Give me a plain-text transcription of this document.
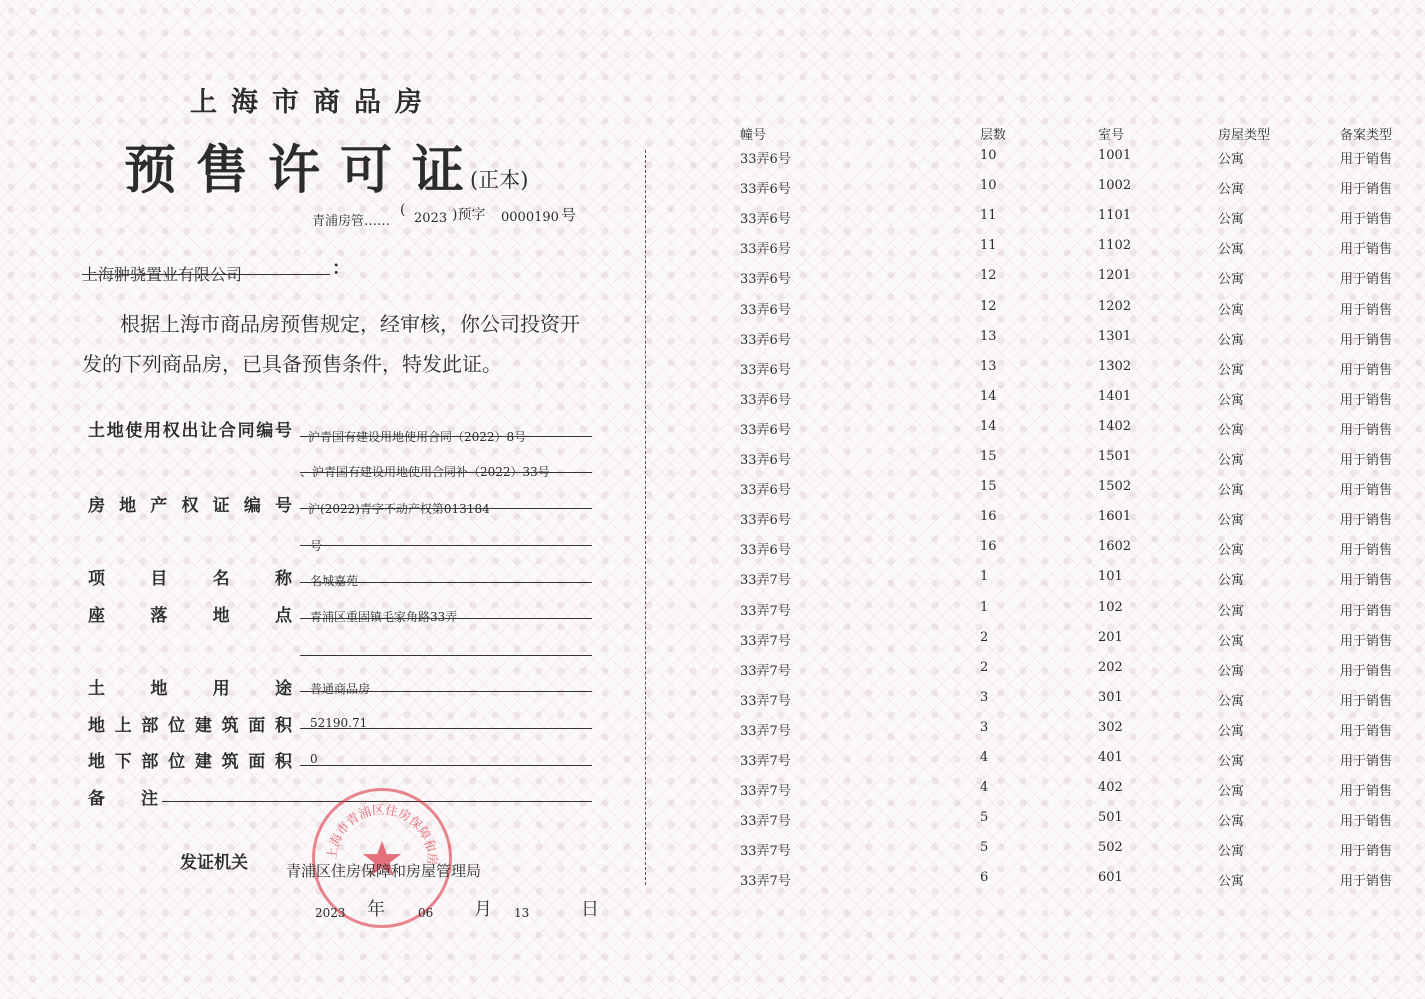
上海市商品房
预售许可证
(正本)
青浦房管……
(
2023 )预字 0000190 号
上海翀骁置业有限公司	：
根据上海市商品房预售规定，经审核，你公司投资开发的下列商品房，已具备预售条件，特发此证。
土地使用权出让合同编号 沪青国有建设用地使用合同（2022）8号
、沪青国有建设用地使用合同补（2022）33号
房地产权证编号 沪(2022)青字不动产权第013184
号
项目名称 名城嘉苑
座落地点 青浦区重固镇毛家角路33弄
土地用途 普通商品房
地上部位建筑面积 52190.71
地下部位建筑面积 0
备注
上海市青浦区住房保障和房
发证机关	青浦区住房保障和房屋管理局
2023 年	06 月 13	日
幢号	层数	室号	房屋类型	备案类型
33弄6号	10	1001	公寓	用于销售
33弄6号	10	1002	公寓	用于销售
33弄6号	11	1101	公寓	用于销售
33弄6号	11	1102	公寓	用于销售
33弄6号	12	1201	公寓	用于销售
33弄6号	12	1202	公寓	用于销售
33弄6号	13	1301	公寓	用于销售
33弄6号	13	1302	公寓	用于销售
33弄6号	14	1401	公寓	用于销售
33弄6号	14	1402	公寓	用于销售
33弄6号	15	1501	公寓	用于销售
33弄6号	15	1502	公寓	用于销售
33弄6号	16	1601	公寓	用于销售
33弄6号	16	1602	公寓	用于销售
33弄7号	1	101	公寓	用于销售
33弄7号	1	102	公寓	用于销售
33弄7号	2	201	公寓	用于销售
33弄7号	2	202	公寓	用于销售
33弄7号	3	301	公寓	用于销售
33弄7号	3	302	公寓	用于销售
33弄7号	4	401	公寓	用于销售
33弄7号	4	402	公寓	用于销售
33弄7号	5	501	公寓	用于销售
33弄7号	5	502	公寓	用于销售
33弄7号	6	601	公寓	用于销售
